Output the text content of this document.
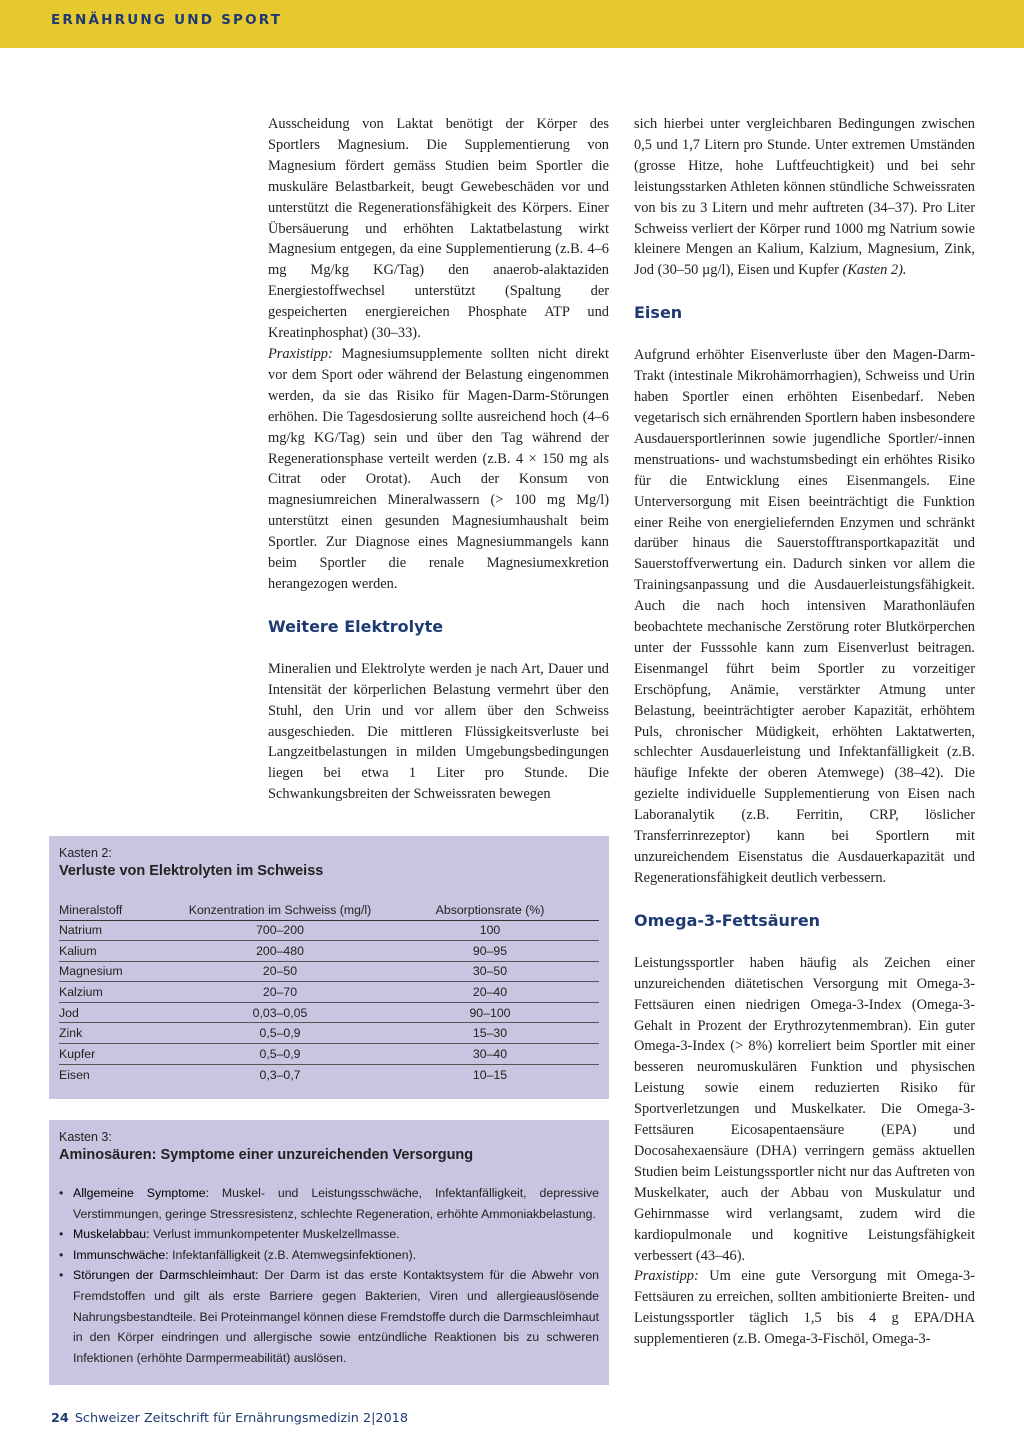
ERNÄHRUNG UND SPORT

Ausscheidung von Laktat benötigt der Körper des Sportlers Magnesium. Die Supplementierung von Magnesium fördert gemäss Studien beim Sportler die muskuläre Belastbarkeit, beugt Gewebeschäden vor und unterstützt die Regenerationsfähigkeit des Körpers. Einer Übersäuerung und erhöhten Laktatbelastung wirkt Magnesium entgegen, da eine Supplementierung (z.B. 4–6 mg Mg/kg KG/Tag) den anaerob-alaktaziden Energiestoffwechsel unterstützt (Spaltung der gespeicherten energiereichen Phosphate ATP und Kreatinphosphat) (30–33).

Praxistipp: Magnesiumsupplemente sollten nicht direkt vor dem Sport oder während der Belastung eingenommen werden, da sie das Risiko für Magen-Darm-Störungen erhöhen. Die Tagesdosierung sollte ausreichend hoch (4–6 mg/kg KG/Tag) sein und über den Tag während der Regenerationsphase verteilt werden (z.B. 4 × 150 mg als Citrat oder Orotat). Auch der Konsum von magnesiumreichen Mineralwassern (> 100 mg Mg/l) unterstützt einen gesunden Magnesiumhaushalt beim Sportler. Zur Diagnose eines Magnesiummangels kann beim Sportler die renale Magnesiumexkretion herangezogen werden.

Weitere Elektrolyte

Mineralien und Elektrolyte werden je nach Art, Dauer und Intensität der körperlichen Belastung vermehrt über den Stuhl, den Urin und vor allem über den Schweiss ausgeschieden. Die mittleren Flüssigkeitsverluste bei Langzeitbelastungen in milden Umgebungsbedingungen liegen bei etwa 1 Liter pro Stunde. Die Schwankungsbreiten der Schweissraten bewegen

sich hierbei unter vergleichbaren Bedingungen zwischen 0,5 und 1,7 Litern pro Stunde. Unter extremen Umständen (grosse Hitze, hohe Luftfeuchtigkeit) und bei sehr leistungsstarken Athleten können stündliche Schweissraten von bis zu 3 Litern und mehr auftreten (34–37). Pro Liter Schweiss verliert der Körper rund 1000 mg Natrium sowie kleinere Mengen an Kalium, Kalzium, Magnesium, Zink, Jod (30–50 µg/l), Eisen und Kupfer (Kasten 2).

Eisen

Aufgrund erhöhter Eisenverluste über den Magen-Darm-Trakt (intestinale Mikrohämorrhagien), Schweiss und Urin haben Sportler einen erhöhten Eisenbedarf. Neben vegetarisch sich ernährenden Sportlern haben insbesondere Ausdauersportlerinnen sowie jugendliche Sportler/-innen menstruations- und wachstumsbedingt ein erhöhtes Risiko für die Entwicklung eines Eisenmangels. Eine Unterversorgung mit Eisen beeinträchtigt die Funktion einer Reihe von energieliefernden Enzymen und schränkt darüber hinaus die Sauerstofftransportkapazität und Sauerstoffverwertung ein. Dadurch sinken vor allem die Trainingsanpassung und die Ausdauerleistungsfähigkeit. Auch die nach hoch intensiven Marathonläufen beobachtete mechanische Zerstörung roter Blutkörperchen unter der Fusssohle kann zum Eisenverlust beitragen. Eisenmangel führt beim Sportler zu vorzeitiger Erschöpfung, Anämie, verstärkter Atmung unter Belastung, beeinträchtigter aerober Kapazität, erhöhtem Puls, chronischer Müdigkeit, erhöhten Laktatwerten, schlechter Ausdauerleistung und Infektanfälligkeit (z.B. häufige Infekte der oberen Atemwege) (38–42). Die gezielte individuelle Supplementierung von Eisen nach Laboranalytik (z.B. Ferritin, CRP, löslicher Transferrinrezeptor) kann bei Sportlern mit unzureichendem Eisenstatus die Ausdauerkapazität und Regenerationsfähigkeit deutlich verbessern.

Omega-3-Fettsäuren

Leistungssportler haben häufig als Zeichen einer unzureichenden diätetischen Versorgung mit Omega-3-Fettsäuren einen niedrigen Omega-3-Index (Omega-3-Gehalt in Prozent der Erythrozytenmembran). Ein guter Omega-3-Index (> 8%) korreliert beim Sportler mit einer besseren neuromuskulären Funktion und physischen Leistung sowie einem reduzierten Risiko für Sportverletzungen und Muskelkater. Die Omega-3-Fettsäuren Eicosapentaensäure (EPA) und Docosahexaensäure (DHA) verringern gemäss aktuellen Studien beim Leistungssportler nicht nur das Auftreten von Muskelkater, auch der Abbau von Muskulatur und Gehirnmasse wird verlangsamt, zudem wird die kardiopulmonale und kognitive Leistungsfähigkeit verbessert (43–46).

Praxistipp: Um eine gute Versorgung mit Omega-3-Fettsäuren zu erreichen, sollten ambitionierte Breiten- und Leistungssportler täglich 1,5 bis 4 g EPA/DHA supplementieren (z.B. Omega-3-Fischöl, Omega-3-

Kasten 2:
Verluste von Elektrolyten im Schweiss
Mineralstoff	Konzentration im Schweiss (mg/l)	Absorptionsrate (%)
Natrium	700–200	100
Kalium	200–480	90–95
Magnesium	20–50	30–50
Kalzium	20–70	20–40
Jod	0,03–0,05	90–100
Zink	0,5–0,9	15–30
Kupfer	0,5–0,9	30–40
Eisen	0,3–0,7	10–15
Kasten 3:
Aminosäuren: Symptome einer unzureichenden Versorgung
• Allgemeine Symptome: Muskel- und Leistungsschwäche, Infektanfälligkeit, depressive Verstimmungen, geringe Stressresistenz, schlechte Regeneration, erhöhte Ammoniakbelastung.
• Muskelabbau: Verlust immunkompetenter Muskelzellmasse.
• Immunschwäche: Infektanfälligkeit (z.B. Atemwegsinfektionen).
• Störungen der Darmschleimhaut: Der Darm ist das erste Kontaktsystem für die Abwehr von Fremdstoffen und gilt als erste Barriere gegen Bakterien, Viren und allergieauslösende Nahrungsbestandteile. Bei Proteinmangel können diese Fremdstoffe durch die Darmschleimhaut in den Körper eindringen und allergische sowie entzündliche Reaktionen bis zu schweren Infektionen (erhöhte Darmpermeabilität) auslösen.
24 Schweizer Zeitschrift für Ernährungsmedizin 2|2018
